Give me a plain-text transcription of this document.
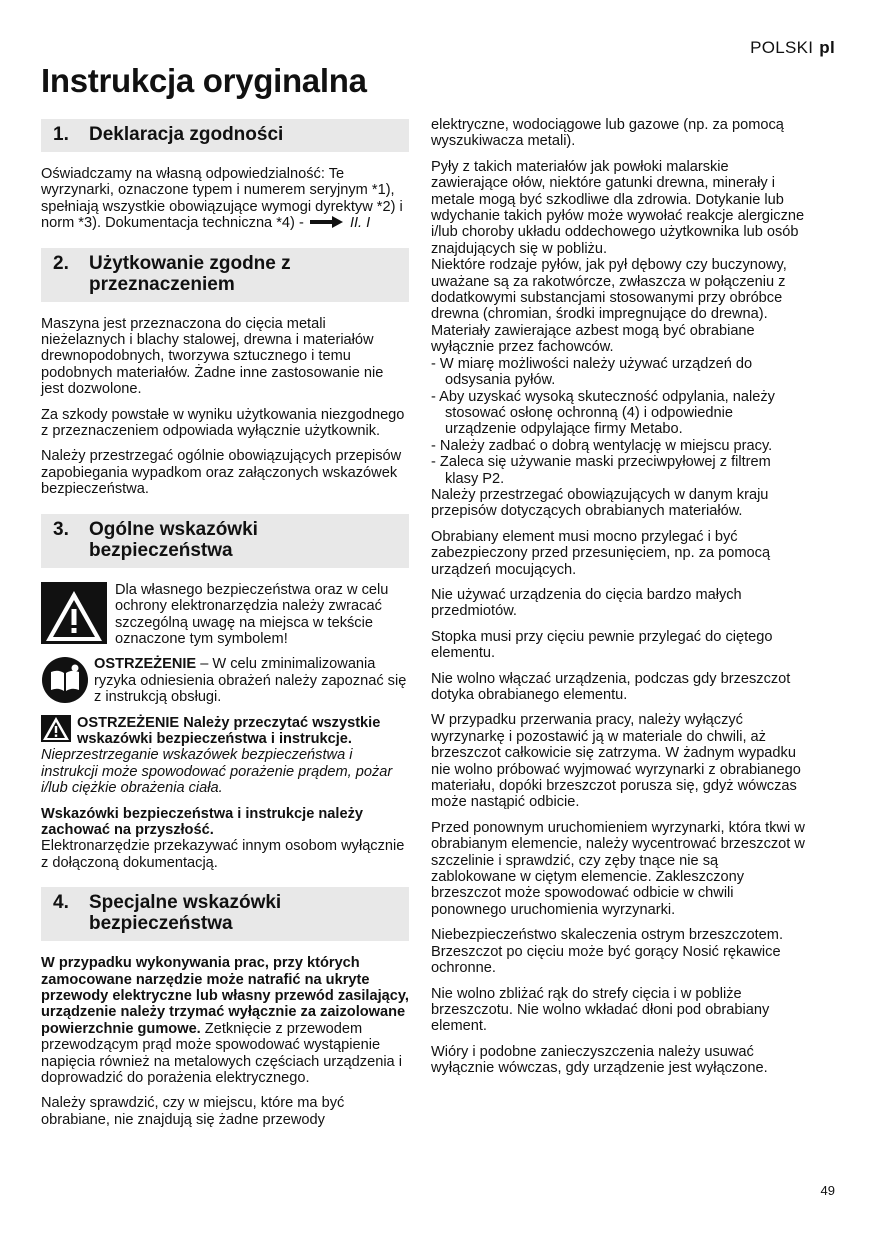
POLSKI pl
Instrukcja oryginalna
1.	Deklaracja zgodności

Oświadczamy na własną odpowiedzialność: Te wyrzynarki, oznaczone typem i numerem seryjnym *1), spełniają wszystkie obowiązujące wymogi dyrektyw *2) i norm *3). Dokumentacja techniczna *4) -	II. I

2.	Użytkowanie zgodne z przeznaczeniem

Maszyna jest przeznaczona do cięcia metali nieżelaznych i blachy stalowej, drewna i materiałów drewnopodobnych, tworzywa sztucznego i temu podobnych materiałów. Żadne inne zastosowanie nie jest dozwolone.

Za szkody powstałe w wyniku użytkowania niezgodnego z przeznaczeniem odpowiada wyłącznie użytkownik.

Należy przestrzegać ogólnie obowiązujących przepisów zapobiegania wypadkom oraz załączonych wskazówek bezpieczeństwa.

3.	Ogólne wskazówki bezpieczeństwa
Dla własnego bezpieczeństwa oraz w celu ochrony elektronarzędzia należy zwracać szczególną uwagę na miejsca w tekście oznaczone tym symbolem!
OSTRZEŻENIE – W celu zminimalizowania ryzyka odniesienia obrażeń należy zapoznać się z instrukcją obsługi.

OSTRZEŻENIE Należy przeczytać wszystkie wskazówki bezpieczeństwa i instrukcje. Nieprzestrzeganie wskazówek bezpieczeństwa i instrukcji może spowodować porażenie prądem, pożar i/lub ciężkie obrażenia ciała.

Wskazówki bezpieczeństwa i instrukcje należy zachować na przyszłość.
Elektronarzędzie przekazywać innym osobom wyłącznie z dołączoną dokumentacją.

4.	Specjalne wskazówki bezpieczeństwa

W przypadku wykonywania prac, przy których zamocowane narzędzie może natrafić na ukryte przewody elektryczne lub własny przewód zasilający, urządzenie należy trzymać wyłącznie za zaizolowane powierzchnie gumowe. Zetknięcie z przewodem przewodzącym prąd może spowodować wystąpienie napięcia również na metalowych częściach urządzenia i doprowadzić do porażenia elektrycznego.

Należy sprawdzić, czy w miejscu, które ma być obrabiane, nie znajdują się żadne przewody

elektryczne, wodociągowe lub gazowe (np. za pomocą wyszukiwacza metali).

Pyły z takich materiałów jak powłoki malarskie zawierające ołów, niektóre gatunki drewna, minerały i metale mogą być szkodliwe dla zdrowia. Dotykanie lub wdychanie takich pyłów może wywołać reakcje alergiczne i/lub choroby układu oddechowego użytkownika lub osób znajdujących się w pobliżu.

Niektóre rodzaje pyłów, jak pył dębowy czy buczynowy, uważane są za rakotwórcze, zwłaszcza w połączeniu z dodatkowymi substancjami stosowanymi przy obróbce drewna (chromian, środki impregnujące do drewna). Materiały zawierające azbest mogą być obrabiane wyłącznie przez fachowców.

- W miarę możliwości należy używać urządzeń do odsysania pyłów.
- Aby uzyskać wysoką skuteczność odpylania, należy stosować osłonę ochronną (4) i odpowiednie urządzenie odpylające firmy Metabo.
- Należy zadbać o dobrą wentylację w miejscu pracy.
- Zaleca się używanie maski przeciwpyłowej z filtrem klasy P2.

Należy przestrzegać obowiązujących w danym kraju przepisów dotyczących obrabianych materiałów.

Obrabiany element musi mocno przylegać i być zabezpieczony przed przesunięciem, np. za pomocą urządzeń mocujących.

Nie używać urządzenia do cięcia bardzo małych przedmiotów.

Stopka musi przy cięciu pewnie przylegać do ciętego elementu.

Nie wolno włączać urządzenia, podczas gdy brzeszczot dotyka obrabianego elementu.

W przypadku przerwania pracy, należy wyłączyć wyrzynarkę i pozostawić ją w materiale do chwili, aż brzeszczot całkowicie się zatrzyma. W żadnym wypadku nie wolno próbować wyjmować wyrzynarki z obrabianego materiału, dopóki brzeszczot porusza się, gdyż wówczas może nastąpić odbicie.

Przed ponownym uruchomieniem wyrzynarki, która tkwi w obrabianym elemencie, należy wycentrować brzeszczot w szczelinie i sprawdzić, czy zęby tnące nie są zablokowane w ciętym elemencie. Zakleszczony brzeszczot może spowodować odbicie w chwili ponownego uruchomienia wyrzynarki.

Niebezpieczeństwo skaleczenia ostrym brzeszczotem. Brzeszczot po cięciu może być gorący Nosić rękawice ochronne.

Nie wolno zbliżać rąk do strefy cięcia i w pobliże brzeszczotu. Nie wolno wkładać dłoni pod obrabiany element.

Wióry i podobne zanieczyszczenia należy usuwać wyłącznie wówczas, gdy urządzenie jest wyłączone.

49
